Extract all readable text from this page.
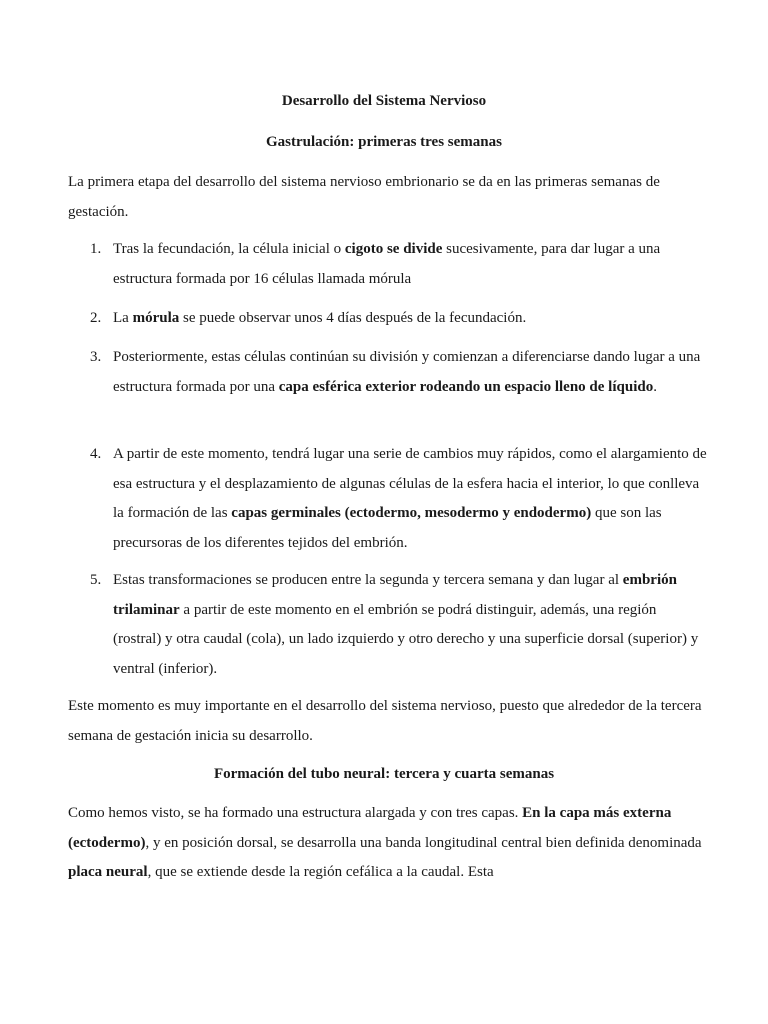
Desarrollo del Sistema Nervioso
Gastrulación: primeras tres semanas

La primera etapa del desarrollo del sistema nervioso embrionario se da en las primeras semanas de gestación.

1. Tras la fecundación, la célula inicial o cigoto se divide sucesivamente, para dar lugar a una estructura formada por 16 células llamada mórula

2. La mórula se puede observar unos 4 días después de la fecundación.

3. Posteriormente, estas células continúan su división y comienzan a diferenciarse dando lugar a una estructura formada por una capa esférica exterior rodeando un espacio lleno de líquido.

4. A partir de este momento, tendrá lugar una serie de cambios muy rápidos, como el alargamiento de esa estructura y el desplazamiento de algunas células de la esfera hacia el interior, lo que conlleva la formación de las capas germinales (ectodermo, mesodermo y endodermo) que son las precursoras de los diferentes tejidos del embrión.

5. Estas transformaciones se producen entre la segunda y tercera semana y dan lugar al embrión trilaminar a partir de este momento en el embrión se podrá distinguir, además, una región (rostral) y otra caudal (cola), un lado izquierdo y otro derecho y una superficie dorsal (superior) y ventral (inferior).

Este momento es muy importante en el desarrollo del sistema nervioso, puesto que alrededor de la tercera semana de gestación inicia su desarrollo.

Formación del tubo neural: tercera y cuarta semanas

Como hemos visto, se ha formado una estructura alargada y con tres capas. En la capa más externa (ectodermo), y en posición dorsal, se desarrolla una banda longitudinal central bien definida denominada placa neural, que se extiende desde la región cefálica a la caudal. Esta
